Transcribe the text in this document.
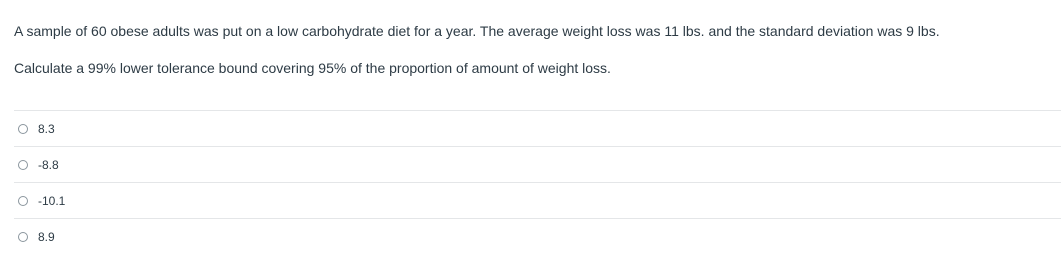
A sample of 60 obese adults was put on a low carbohydrate diet for a year. The average weight loss was 11 lbs. and the standard deviation was 9 lbs.

Calculate a 99% lower tolerance bound covering 95% of the proportion of amount of weight loss.

8.3
-8.8
-10.1
8.9
